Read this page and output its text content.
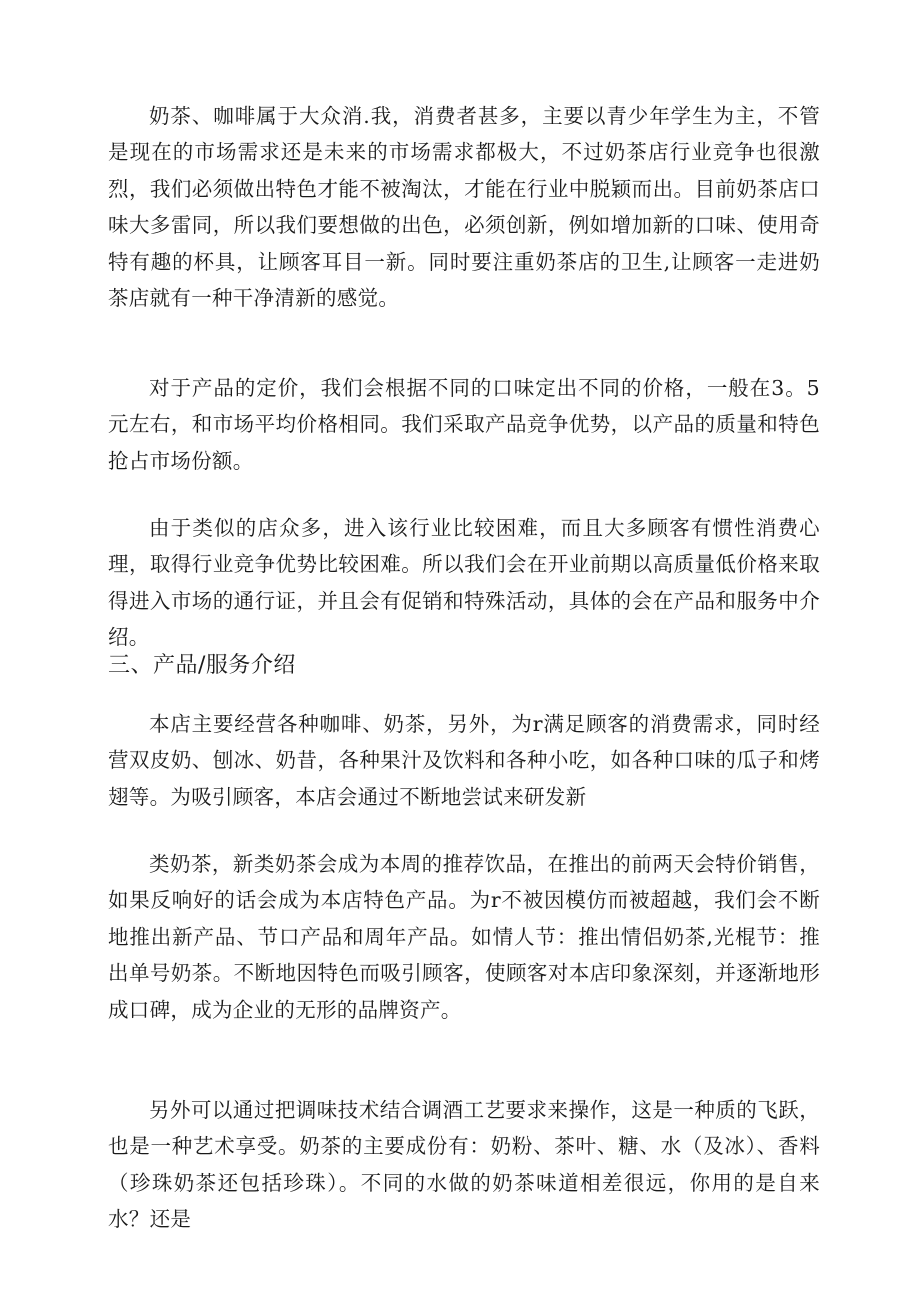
奶茶、咖啡属于大众消.我，消费者甚多，主要以青少年学生为主，不管是现在的市场需求还是未来的市场需求都极大，不过奶茶店行业竞争也很激烈，我们必须做出特色才能不被淘汰，才能在行业中脱颖而出。目前奶茶店口味大多雷同，所以我们要想做的出色，必须创新，例如增加新的口味、使用奇特有趣的杯具，让顾客耳目一新。同时要注重奶茶店的卫生,让顾客一走进奶茶店就有一种干净清新的感觉。

对于产品的定价，我们会根据不同的口味定出不同的价格，一般在3。5元左右，和市场平均价格相同。我们采取产品竞争优势，以产品的质量和特色抢占市场份额。

由于类似的店众多，进入该行业比较困难，而且大多顾客有惯性消费心理，取得行业竞争优势比较困难。所以我们会在开业前期以高质量低价格来取得进入市场的通行证，并且会有促销和特殊活动，具体的会在产品和服务中介绍。

三、产品/服务介绍

本店主要经营各种咖啡、奶茶，另外，为r满足顾客的消费需求，同时经营双皮奶、刨冰、奶昔，各种果汁及饮料和各种小吃，如各种口味的瓜子和烤翅等。为吸引顾客，本店会通过不断地尝试来研发新

类奶茶，新类奶茶会成为本周的推荐饮品，在推出的前两天会特价销售，如果反响好的话会成为本店特色产品。为r不被因模仿而被超越，我们会不断地推出新产品、节口产品和周年产品。如情人节：推出情侣奶茶,光棍节：推出单号奶茶。不断地因特色而吸引顾客，使顾客对本店印象深刻，并逐渐地形成口碑，成为企业的无形的品牌资产。

另外可以通过把调味技术结合调酒工艺要求来操作，这是一种质的飞跃，也是一种艺术享受。奶茶的主要成份有：奶粉、茶叶、糖、水（及冰）、香料（珍珠奶茶还包括珍珠）。不同的水做的奶茶味道相差很远，你用的是自来水？还是
